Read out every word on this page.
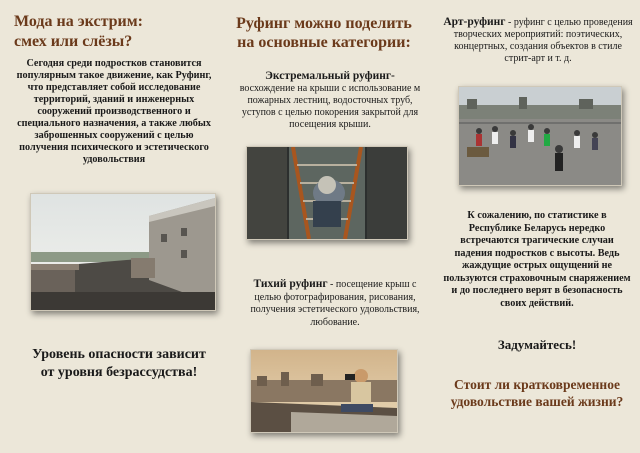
Мода на экстрим:
смех или слёзы?
Сегодня среди подростков становится популярным такое движение, как Руфинг, что представляет собой исследование территорий, зданий и инженерных сооружений производственного и специального назначения, а также любых заброшенных сооружений с целью получения психического и эстетического удовольствия
Уровень опасности зависит
от уровня безрассудства!
Руфинг можно поделить
на основные категории:
Экстремальный руфинг-
восхождение на крыши с использование м пожарных лестниц, водосточных труб, уступов с целью покорения закрытой для посещения крыши.
Тихий руфинг - посещение крыш с целью фотографирования, рисования, получения эстетического удовольствия, любование.
Арт-руфинг - руфинг с целью проведения творческих мероприятий: поэтических, концертных, создания объектов в стиле стрит-арт и т. д.
К сожалению, по статистике в Республике Беларусь нередко встречаются трагические случаи падения подростков с высоты. Ведь жаждущие острых ощущений не пользуются страховочным снаряжением и до последнего верят в безопасность своих действий.
Задумайтесь!
Стоит ли кратковременное удовольствие вашей жизни?
